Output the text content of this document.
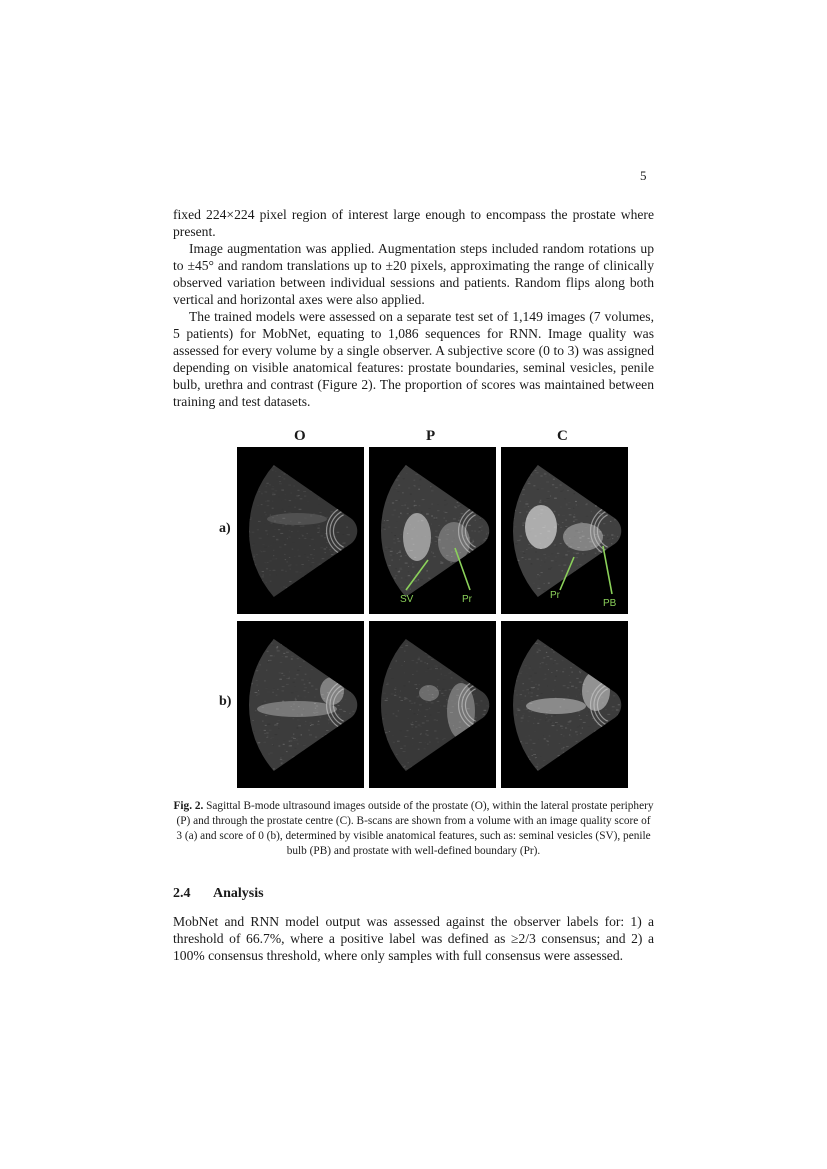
5

fixed 224×224 pixel region of interest large enough to encompass the prostate where present.

Image augmentation was applied. Augmentation steps included random rotations up to ±45° and random translations up to ±20 pixels, approximating the range of clinically observed variation between individual sessions and patients. Random flips along both vertical and horizontal axes were also applied.

The trained models were assessed on a separate test set of 1,149 images (7 volumes, 5 patients) for MobNet, equating to 1,086 sequences for RNN. Image quality was assessed for every volume by a single observer. A subjective score (0 to 3) was assigned depending on visible anatomical features: prostate boundaries, seminal vesicles, penile bulb, urethra and contrast (Figure 2). The proportion of scores was maintained between training and test datasets.

O	P	C
a)
b)
SV	Pr	Pr
PB
Fig. 2. Sagittal B-mode ultrasound images outside of the prostate (O), within the lateral prostate periphery (P) and through the prostate centre (C). B-scans are shown from a volume with an image quality score of 3 (a) and score of 0 (b), determined by visible anatomical features, such as: seminal vesicles (SV), penile bulb (PB) and prostate with well-defined boundary (Pr).
2.4 Analysis

MobNet and RNN model output was assessed against the observer labels for: 1) a threshold of 66.7%, where a positive label was defined as ≥2/3 consensus; and 2) a 100% consensus threshold, where only samples with full consensus were assessed.
